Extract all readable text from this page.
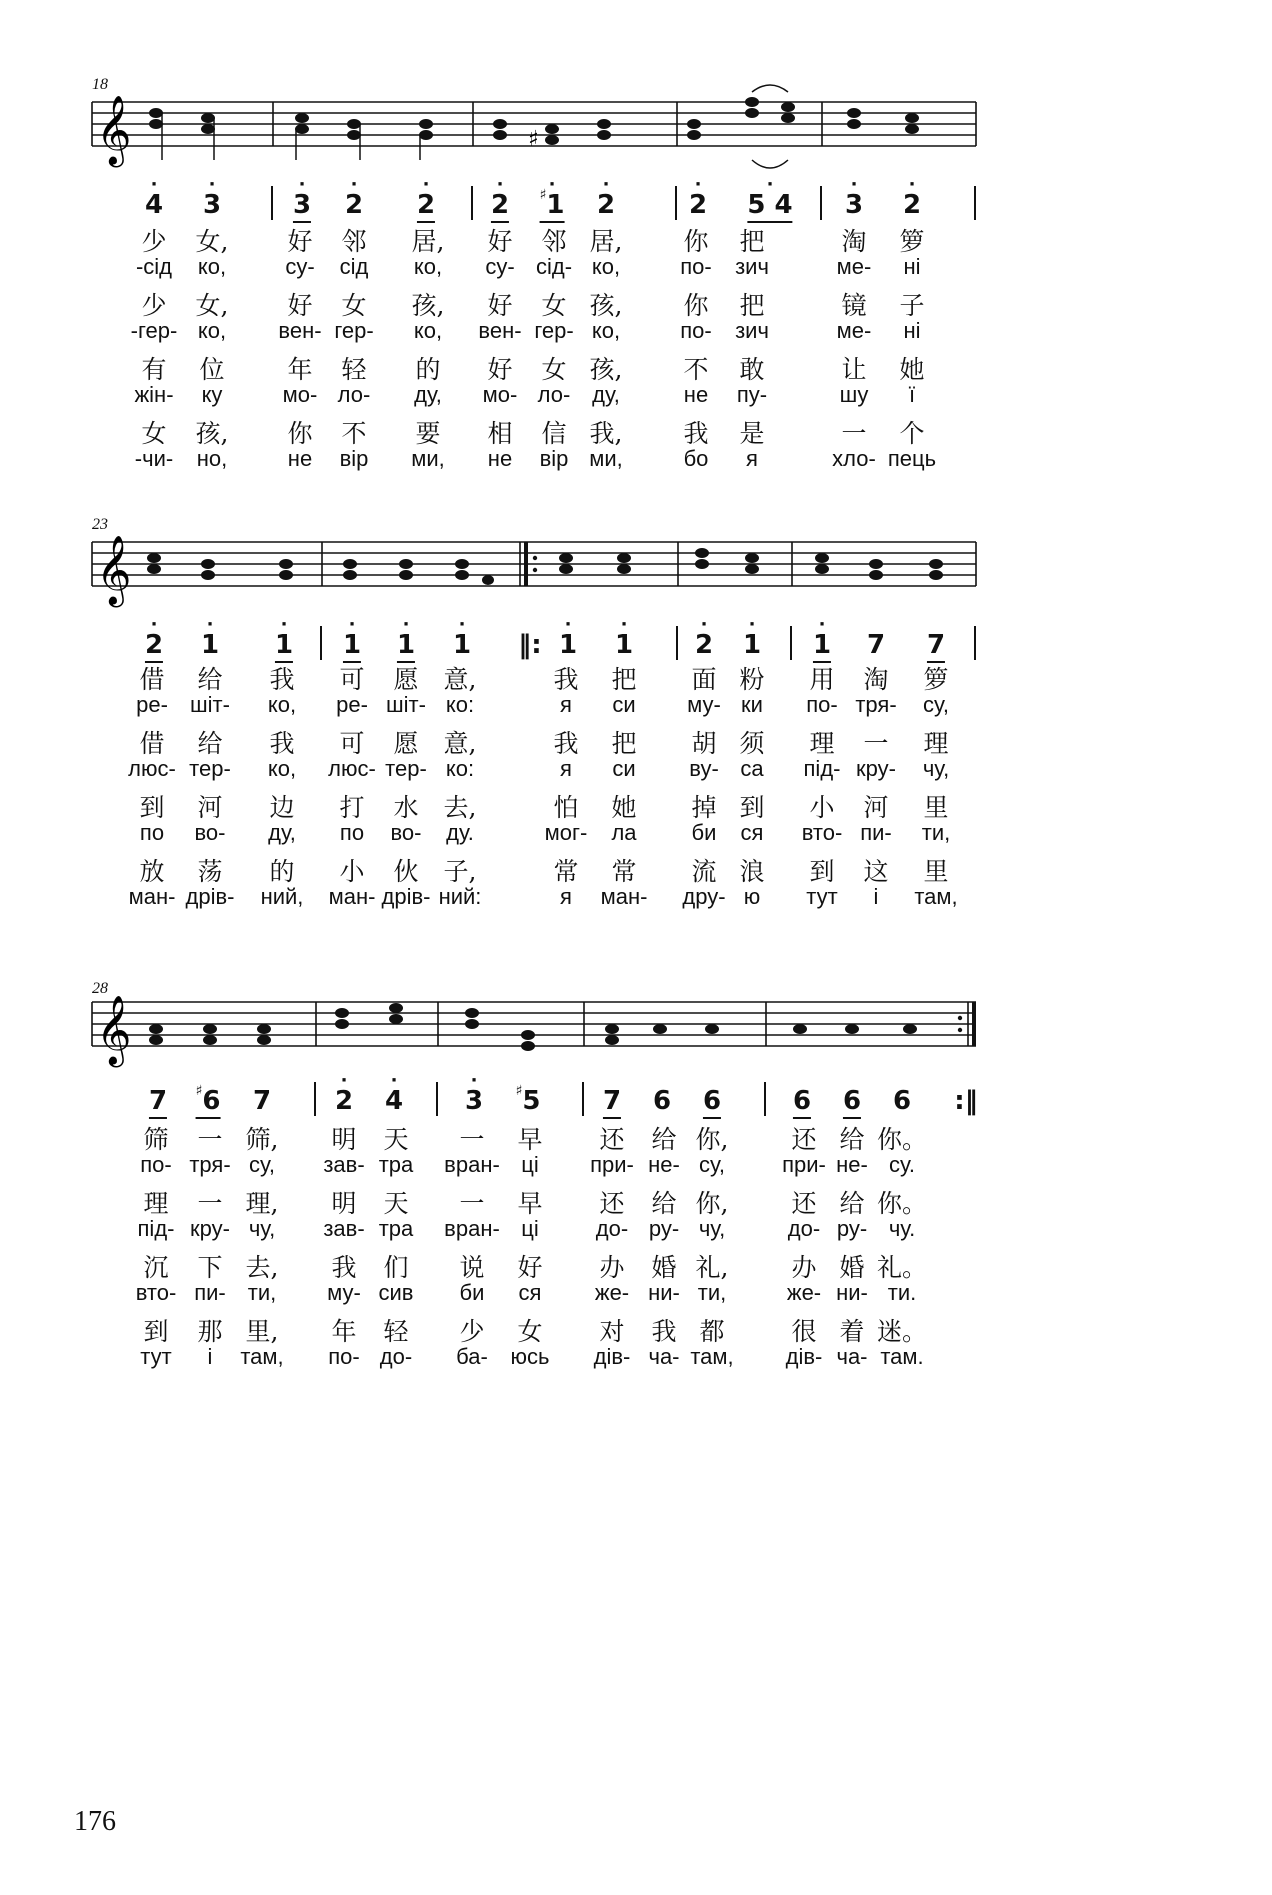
18
𝄞	♯
4
·
3
·
3
·
2
·
2
·
2
·
♯1
·
2
·
2
·
5
·
4 3
·
2
·
少 女, 好 邻 居, 好 邻 居, 你 把	淘 箩
-сід ко,	су- сід ко, су- сід- ко,	по- зич	ме- ні
少 女, 好 女 孩, 好 女 孩, 你 把	镜 子
-гер- ко, вен- гер- ко, вен- гер- ко,	по- зич	ме- ні
有 位	年 轻 的 好 女 孩, 不 敢	让 她
жін- ку	мо- ло- ду, мо- ло- ду,	не пу-	шу ї
女 孩, 你 不 要 相 信 我, 我 是	一 个
-чи- но,	не вір ми, не вір ми,	бо я	хло- пець
23
𝄞
2
·
1
·
1
·
1
·
1
·
1
·
‖: 1
·
1
·
2
·
1
·
1
·
7 7
借 给 我 可 愿 意,	我 把 面 粉 用 淘 箩
ре- шіт- ко, ре- шіт- ко:	я си му- ки по- тря- су,
借 给 我 可 愿 意,	我 把 胡 须 理 一 理
люс- тер- ко, люс- тер- ко:	я си ву- са під- кру- чу,
到 河 边 打 水 去,	怕 她 掉 到 小 河 里
по во- ду, по во- ду.	мог- ла	би ся вто- пи- ти,
放 荡 的 小 伙 子,	常 常 流 浪 到 这 里
ман- дрів- ний, ман- дрів- ний:	я ман- дру- ю тут і там,
28
𝄞
7 ♯6 7 2
·
4
·
3
·
♯5 7 6 6	6 6 6 :‖
筛 一 筛, 明 天 一 早 还 给 你,	还 给 你。
по- тря- су, зав- тра вран- ці при- не- су,	при- не- су.
理 一 理, 明 天 一 早 还 给 你,	还 给 你。
під- кру- чу, зав- тра вран- ці	до- ру- чу,	до- ру- чу.
沉 下 去, 我 们 说 好 办 婚 礼,	办 婚 礼。
вто- пи- ти, му- сив би ся же- ни- ти,	же- ни- ти.
到 那 里, 年 轻 少 女 对 我 都	很 着 迷。
тут і там, по- до- ба- юсь дів- ча- там, дів- ча- там.
176
